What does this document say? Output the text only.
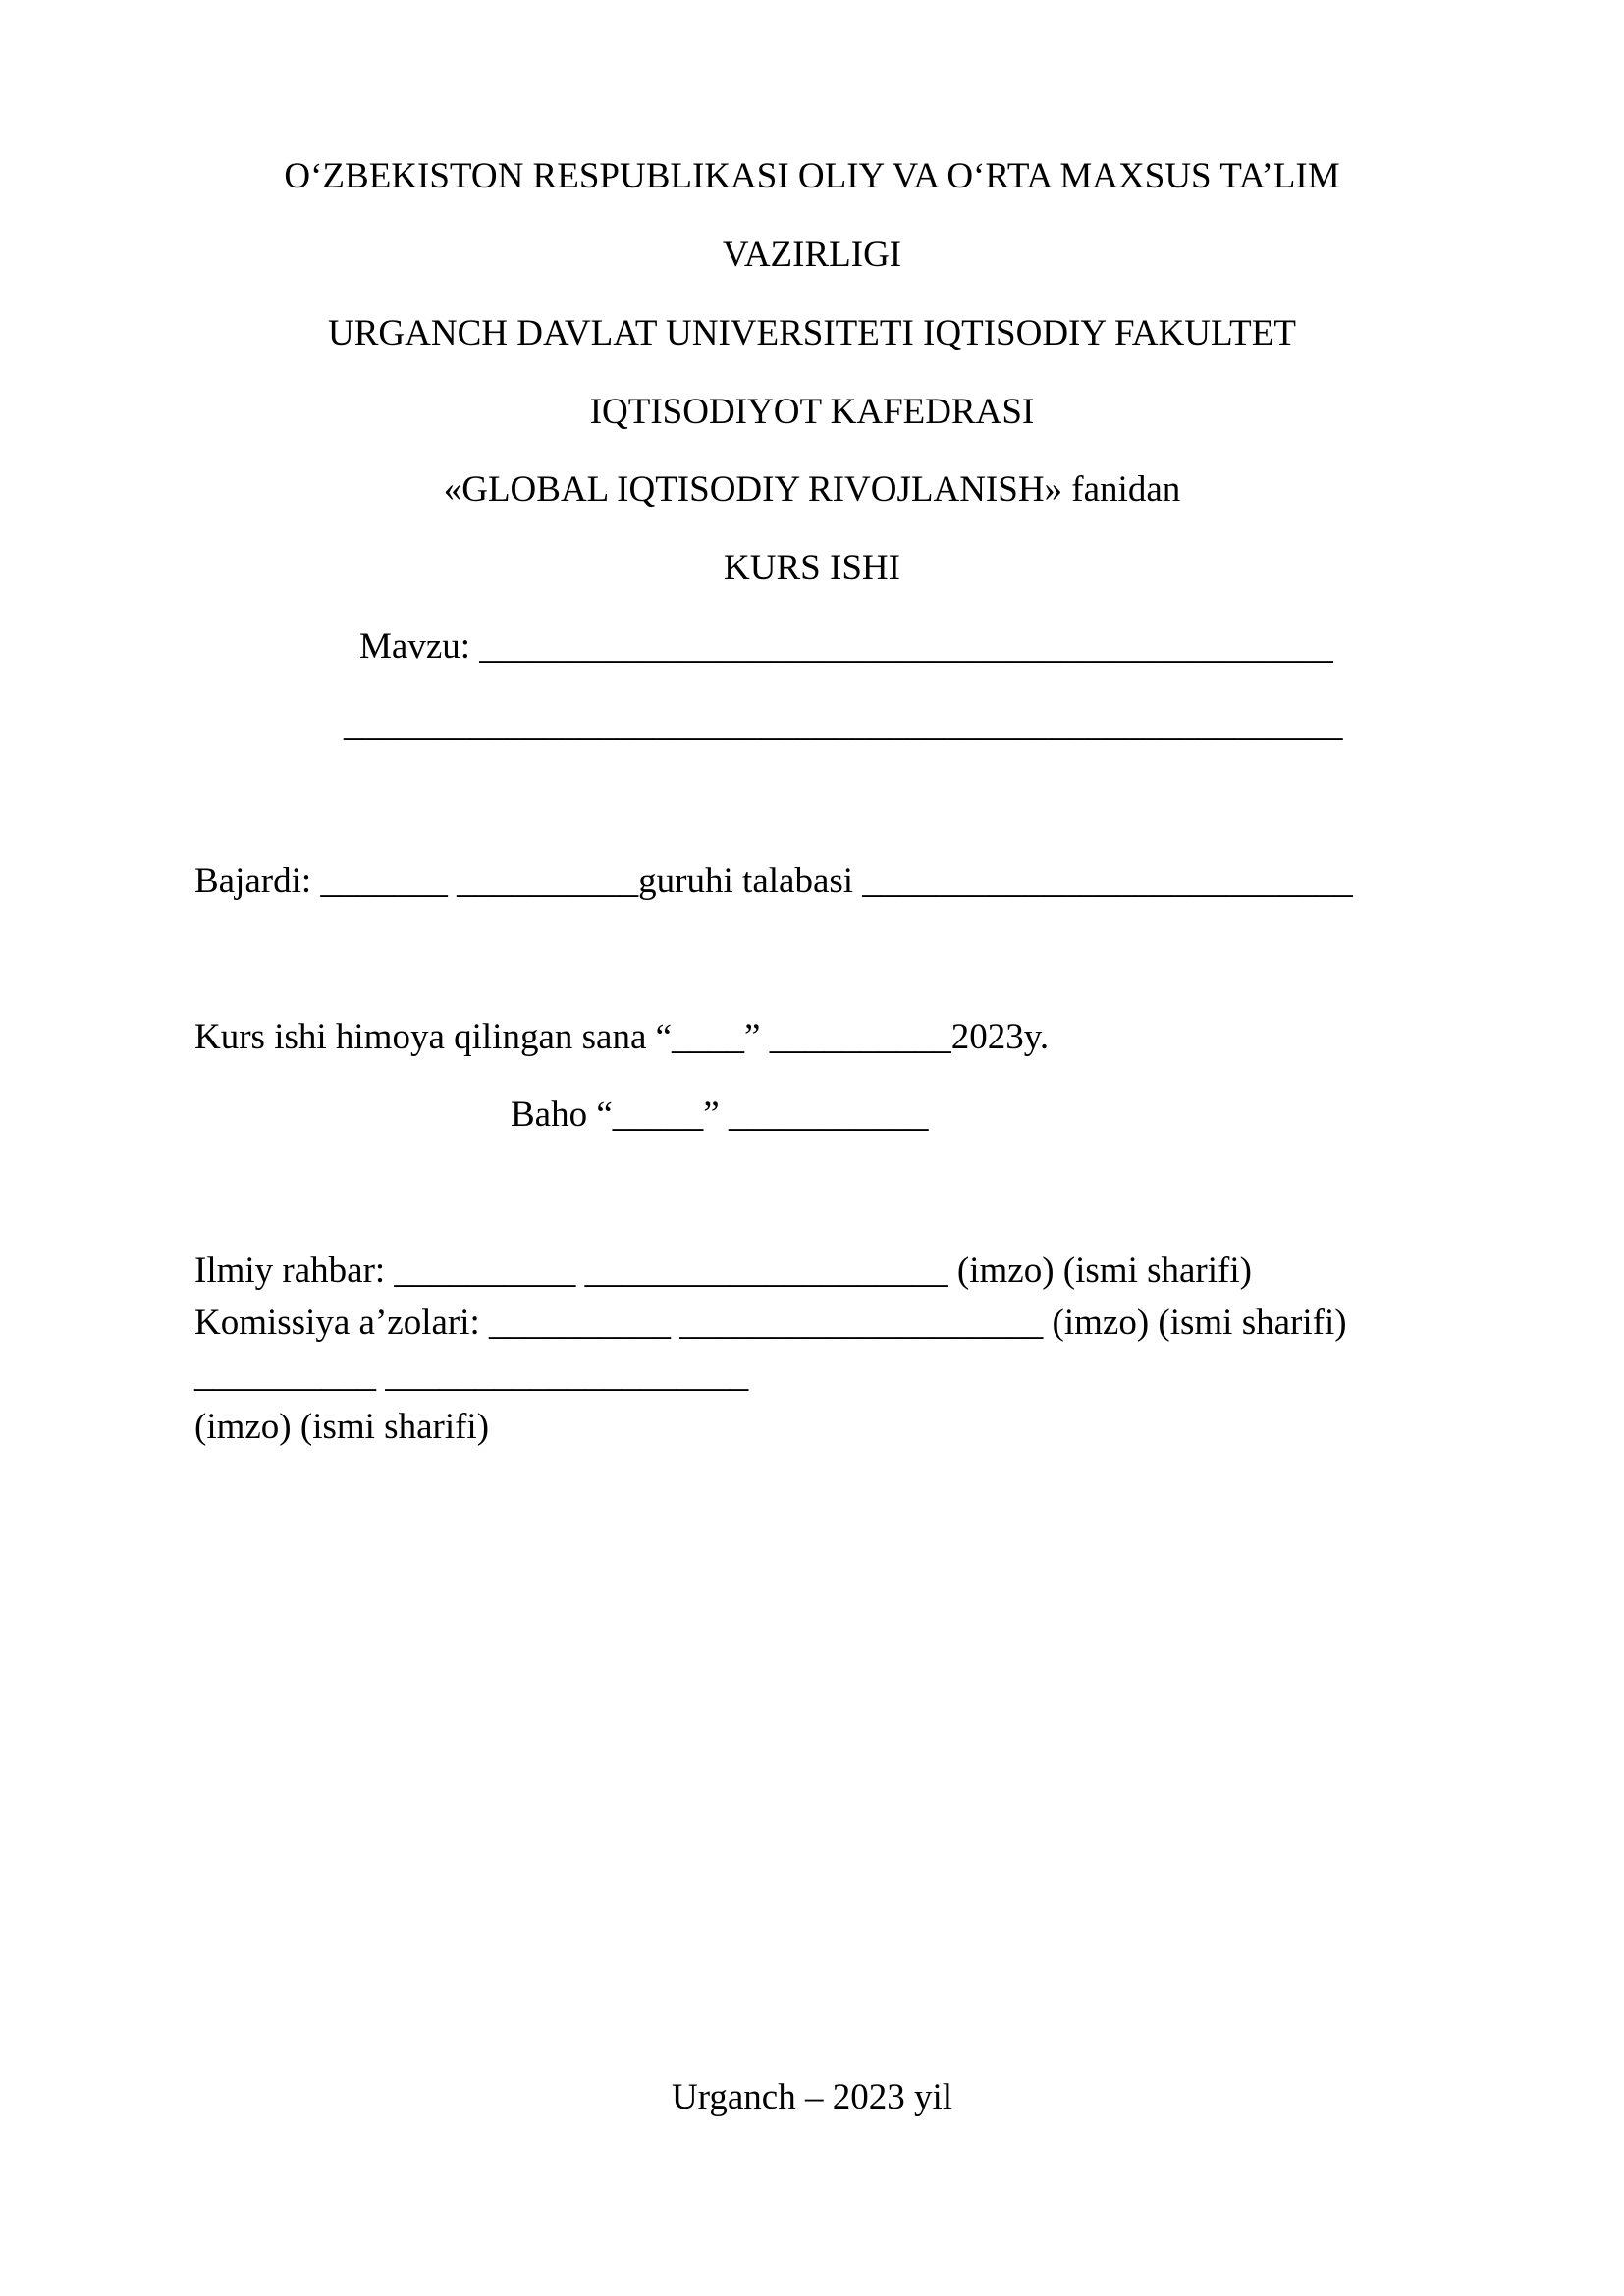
O‘ZBEKISTON RESPUBLIKASI OLIY VA O‘RTA MAXSUS TA’LIM
VAZIRLIGI
URGANCH DAVLAT UNIVERSITETI IQTISODIY FAKULTET
IQTISODIYOT KAFEDRASI
«GLOBAL IQTISODIY RIVOJLANISH» fanidan
KURS ISHI
Mavzu: _______________________________________________
_______________________________________________________
Bajardi: _______ __________guruhi talabasi ___________________________
Kurs ishi himoya qilingan sana “____” __________2023y.
Baho “_____” ___________
Ilmiy rahbar: __________ ____________________ (imzo) (ismi sharifi)
Komissiya a’zolari: __________ ____________________ (imzo) (ismi sharifi)
__________ ____________________
(imzo) (ismi sharifi)
Urganch – 2023 yil
